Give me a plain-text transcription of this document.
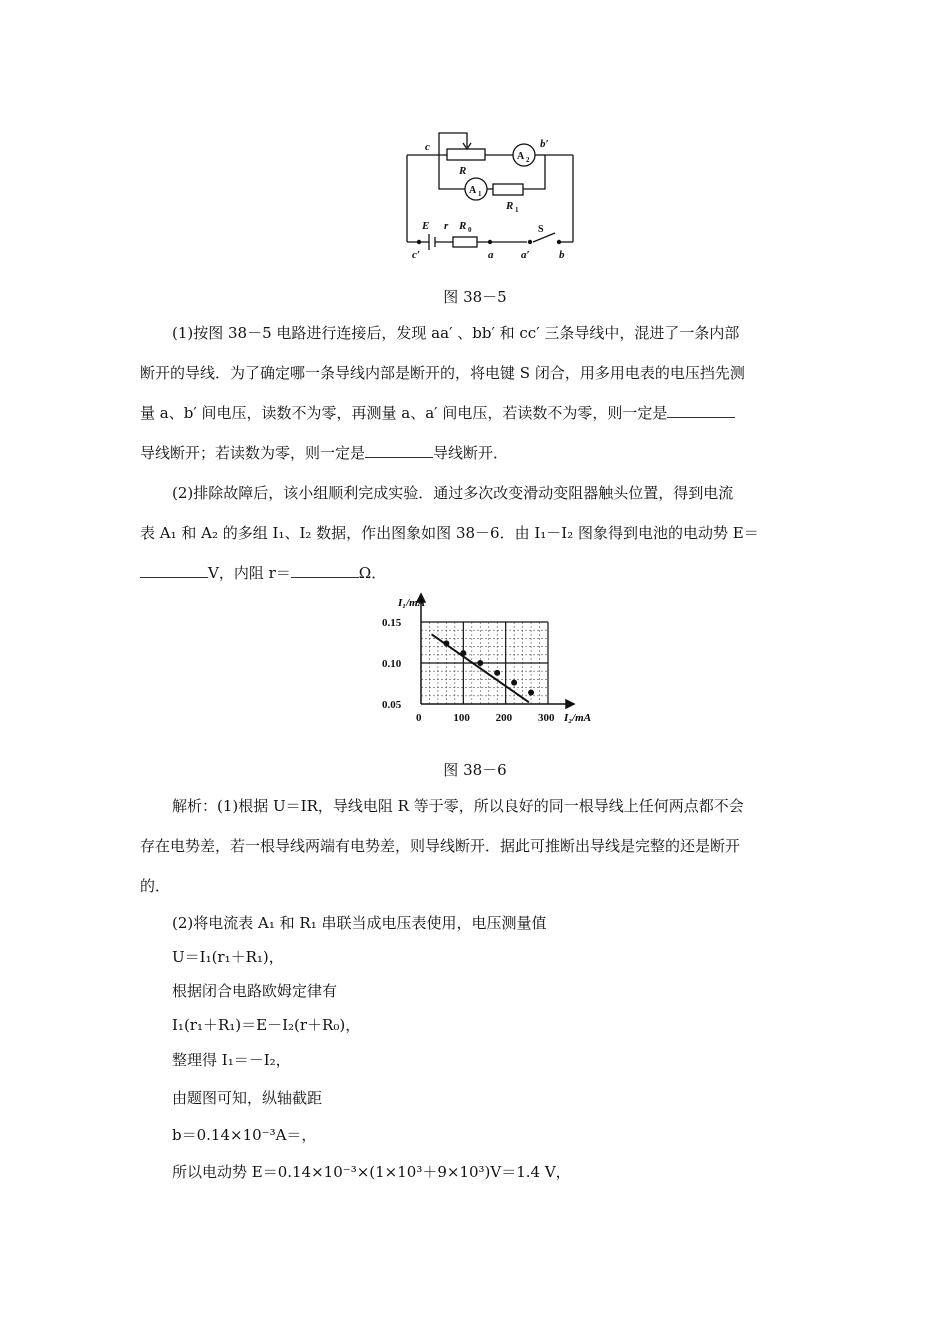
c	b′
R
R
E r R
c′	a	a′	b
A 2
A 1
1
0	S
图 38－5
(1)按图 38－5 电路进行连接后，发现 aa′ 、bb′ 和 cc′ 三条导线中，混进了一条内部
断开的导线．为了确定哪一条导线内部是断开的，将电键 S 闭合，用多用电表的电压挡先测
量 a、b′ 间电压，读数不为零，再测量 a、a′ 间电压，若读数不为零，则一定是
导线断开；若读数为零，则一定是	导线断开．
(2)排除故障后，该小组顺利完成实验．通过多次改变滑动变阻器触头位置，得到电流
表 A₁ 和 A₂ 的多组 I₁、I₂ 数据，作出图象如图 38－6．由 I₁－I₂ 图象得到电池的电动势 E＝
V，内阻 r＝	Ω．
0	100 200 300
0.05
0.10
0.15
I₁/mA
I₂/mA
图 38－6
解析：(1)根据 U＝IR，导线电阻 R 等于零，所以良好的同一根导线上任何两点都不会
存在电势差，若一根导线两端有电势差，则导线断开．据此可推断出导线是完整的还是断开
的．
(2)将电流表 A₁ 和 R₁ 串联当成电压表使用，电压测量值
U＝I₁(r₁＋R₁)，
根据闭合电路欧姆定律有
I₁(r₁＋R₁)＝E－I₂(r＋R₀)，
整理得 I₁＝－I₂，
由题图可知，纵轴截距
b＝0.14×10⁻³A＝，
所以电动势 E＝0.14×10⁻³×(1×10³＋9×10³)V＝1.4 V，
